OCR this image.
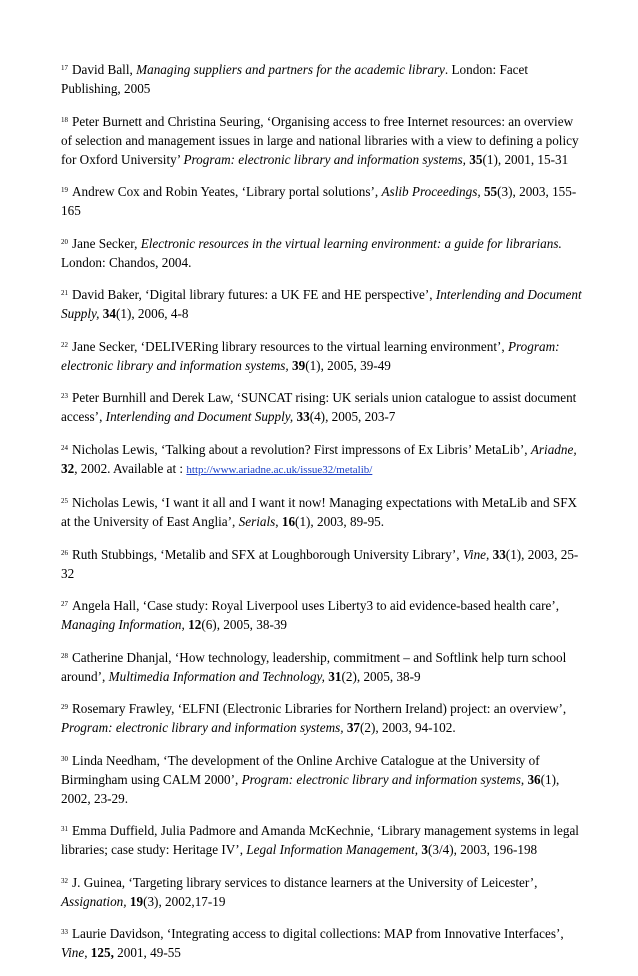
$^{17}$ David Ball, Managing suppliers and partners for the academic library. London: Facet Publishing, 2005

$^{18}$ Peter Burnett and Christina Seuring, ‘Organising access to free Internet resources: an overview of selection and management issues in large and national libraries with a view to defining a policy for Oxford University’ Program: electronic library and information systems, 35(1), 2001, 15-31

$^{19}$ Andrew Cox and Robin Yeates, ‘Library portal solutions’, Aslib Proceedings, 55(3), 2003, 155-165

$^{20}$ Jane Secker, Electronic resources in the virtual learning environment: a guide for librarians. London: Chandos, 2004.

$^{21}$ David Baker, ‘Digital library futures: a UK FE and HE perspective’, Interlending and Document Supply, 34(1), 2006, 4-8

$^{22}$ Jane Secker, ‘DELIVERing library resources to the virtual learning environment’, Program: electronic library and information systems, 39(1), 2005, 39-49

$^{23}$ Peter Burnhill and Derek Law, ‘SUNCAT rising: UK serials union catalogue to assist document access’, Interlending and Document Supply, 33(4), 2005, 203-7

$^{24}$ Nicholas Lewis, ‘Talking about a revolution? First impressons of Ex Libris’ MetaLib’, Ariadne, 32, 2002. Available at : http://www.ariadne.ac.uk/issue32/metalib/

$^{25}$ Nicholas Lewis, ‘I want it all and I want it now! Managing expectations with MetaLib and SFX at the University of East Anglia’, Serials, 16(1), 2003, 89-95.

$^{26}$ Ruth Stubbings, ‘Metalib and SFX at Loughborough University Library’, Vine, 33(1), 2003, 25-32

$^{27}$ Angela Hall, ‘Case study: Royal Liverpool uses Liberty3 to aid evidence-based health care’, Managing Information, 12(6), 2005, 38-39

$^{28}$ Catherine Dhanjal, ‘How technology, leadership, commitment – and Softlink help turn school around’, Multimedia Information and Technology, 31(2), 2005, 38-9

$^{29}$ Rosemary Frawley, ‘ELFNI (Electronic Libraries for Northern Ireland) project: an overview’, Program: electronic library and information systems, 37(2), 2003, 94-102.

$^{30}$ Linda Needham, ‘The development of the Online Archive Catalogue at the University of Birmingham using CALM 2000’, Program: electronic library and information systems, 36(1), 2002, 23-29.

$^{31}$ Emma Duffield, Julia Padmore and Amanda McKechnie, ‘Library management systems in legal libraries; case study: Heritage IV’, Legal Information Management, 3(3/4), 2003, 196-198

$^{32}$ J. Guinea, ‘Targeting library services to distance learners at the University of Leicester’, Assignation, 19(3), 2002,17-19

$^{33}$ Laurie Davidson, ‘Integrating access to digital collections: MAP from Innovative Interfaces’, Vine, 125, 2001, 49-55
